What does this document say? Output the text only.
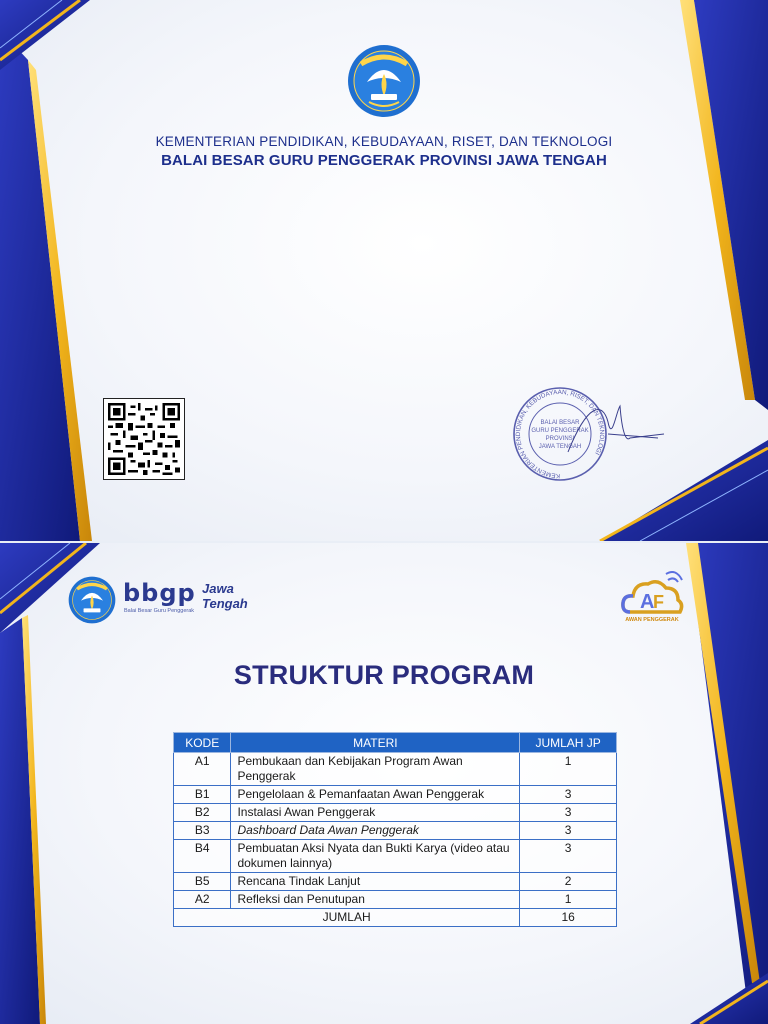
KEMENTERIAN PENDIDIKAN, KEBUDAYAAN, RISET, DAN TEKNOLOGI
BALAI BESAR GURU PENGGERAK PROVINSI JAWA TENGAH
KEMENTERIAN PENDIDIKAN, KEBUDAYAAN, RISET, DAN TEKNOLOGI
BALAI BESAR
GURU PENGGERAK
PROVINSI
JAWA TENGAH
bbgp
Balai Besar Guru Penggerak
Jawa
Tengah	A
F
AWAN PENGGERAK
STRUKTUR PROGRAM
KODE	MATERI	JUMLAH JP
A1	Pembukaan dan Kebijakan Program Awan Penggerak	1
B1	Pengelolaan & Pemanfaatan Awan Penggerak	3
B2	Instalasi Awan Penggerak	3
B3	Dashboard Data Awan Penggerak	3
B4	Pembuatan Aksi Nyata dan Bukti Karya (video atau dokumen lainnya)	3
B5	Rencana Tindak Lanjut	2
A2	Refleksi dan Penutupan	1
JUMLAH		16
